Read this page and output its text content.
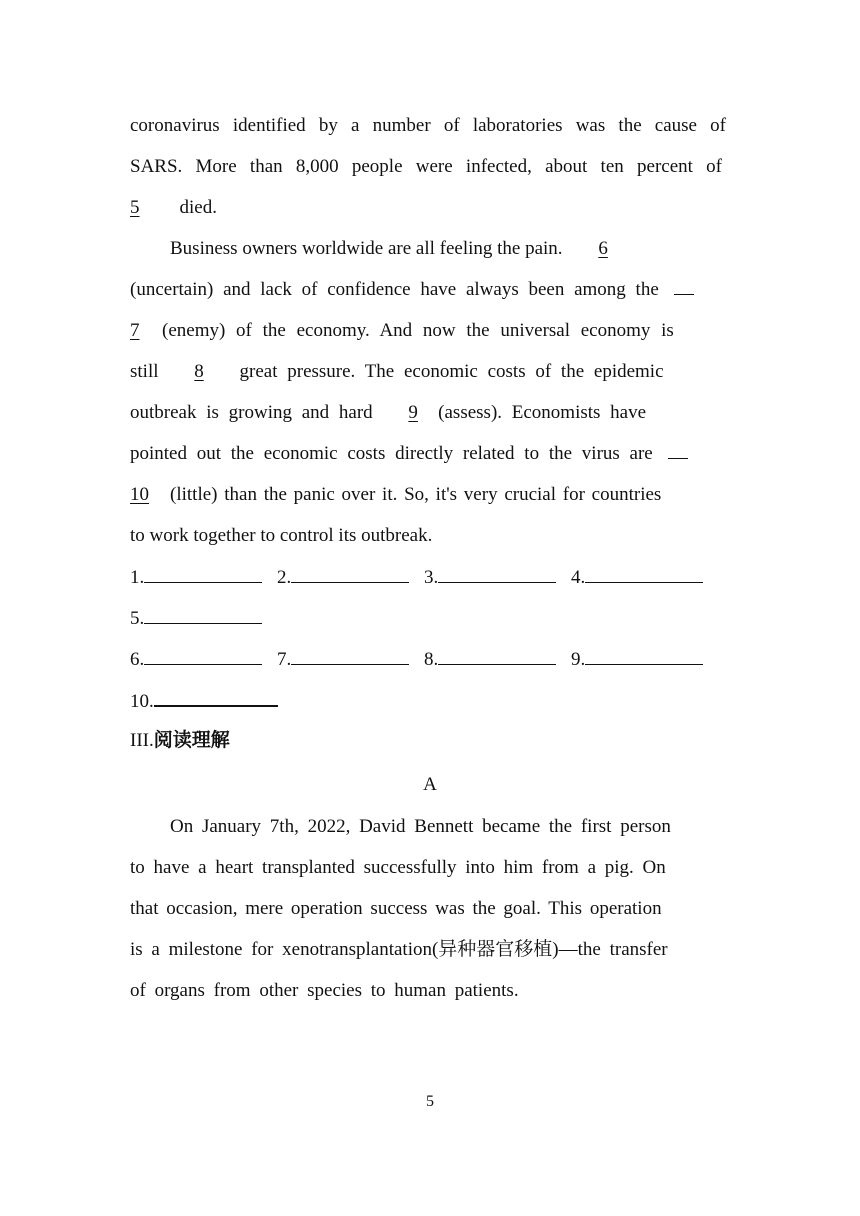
coronavirus identified by a number of laboratories was the cause of
SARS. More than 8,000 people were infected, about ten percent of
5 died.
Business owners worldwide are all feeling the pain. 6
(uncertain) and lack of confidence have always been among the
7 (enemy) of the economy. And now the universal economy is
still 8 great pressure. The economic costs of the epidemic
outbreak is growing and hard 9 (assess). Economists have
pointed out the economic costs directly related to the virus are
10 (little) than the panic over it. So, it's very crucial for countries
to work together to control its outbreak.
1.	2.	3.	4.
5.
6.	7.	8.	9.
10.
III.阅读理解
A
On January 7th, 2022, David Bennett became the first person
to have a heart transplanted successfully into him from a pig. On
that occasion, mere operation success was the goal. This operation
is a milestone for xenotransplantation(异种器官移植)—the transfer
of organs from other species to human patients.
5
